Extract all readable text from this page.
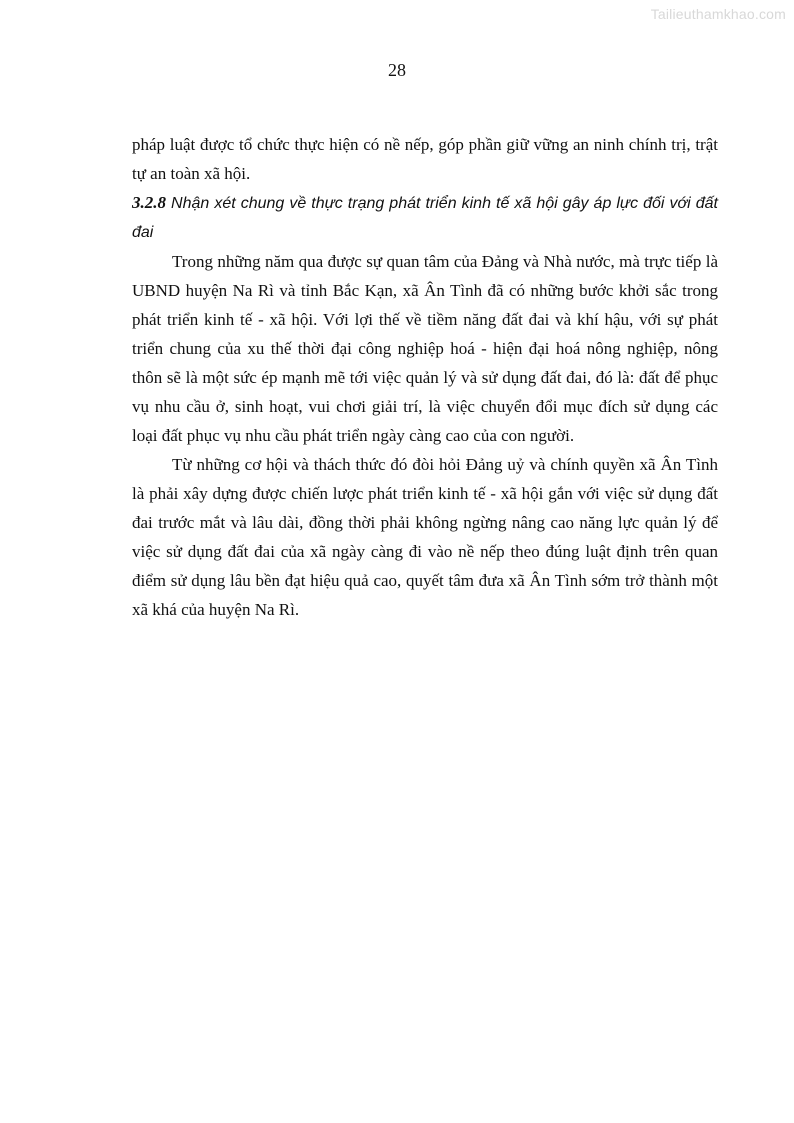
Tailieuthamkhao.com
28

pháp luật được tổ chức thực hiện có nề nếp, góp phần giữ vững an ninh chính trị, trật tự an toàn xã hội.

3.2.8 Nhận xét chung về thực trạng phát triển kinh tế xã hội gây áp lực đối với đất đai

Trong những năm qua được sự quan tâm của Đảng và Nhà nước, mà trực tiếp là UBND huyện Na Rì và tỉnh Bắc Kạn, xã Ân Tình đã có những bước khởi sắc trong phát triển kinh tế - xã hội. Với lợi thế về tiềm năng đất đai và khí hậu, với sự phát triển chung của xu thế thời đại công nghiệp hoá - hiện đại hoá nông nghiệp, nông thôn sẽ là một sức ép mạnh mẽ tới việc quản lý và sử dụng đất đai, đó là: đất để phục vụ nhu cầu ở, sinh hoạt, vui chơi giải trí, là việc chuyển đổi mục đích sử dụng các loại đất phục vụ nhu cầu phát triển ngày càng cao của con người.

Từ những cơ hội và thách thức đó đòi hỏi Đảng uỷ và chính quyền xã Ân Tình là phải xây dựng được chiến lược phát triển kinh tế - xã hội gắn với việc sử dụng đất đai trước mắt và lâu dài, đồng thời phải không ngừng nâng cao năng lực quản lý để việc sử dụng đất đai của xã ngày càng đi vào nề nếp theo đúng luật định trên quan điểm sử dụng lâu bền đạt hiệu quả cao, quyết tâm đưa xã Ân Tình sớm trở thành một xã khá của huyện Na Rì.
